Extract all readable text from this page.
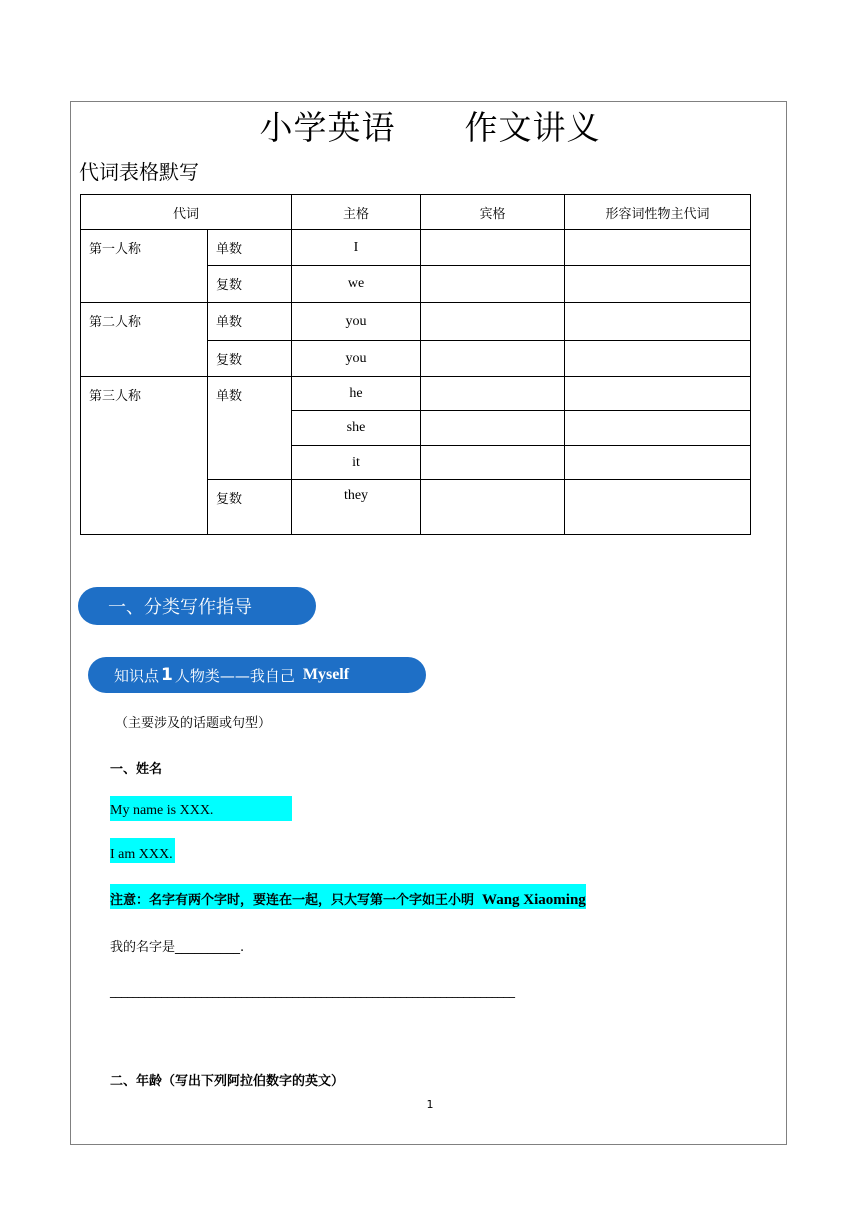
小学英语      作文讲义
代词表格默写
代词		主格	宾格	形容词性物主代词
第一人称	单数	I		
	复数	we		
第二人称	单数	you		
	复数	you		
第三人称	单数	he		
		she		
		it		
	复数	they		
一、分类写作指导
知识点 1 人物类——我自己 Myself
（主要涉及的话题或句型）
一、姓名
My name is XXX.
I am XXX.
注意：名字有两个字时，要连在一起，只大写第一个字如王小明 Wang Xiaoming
我的名字是__________.
_______________________________________________________________________
二、年龄（写出下列阿拉伯数字的英文）
1
